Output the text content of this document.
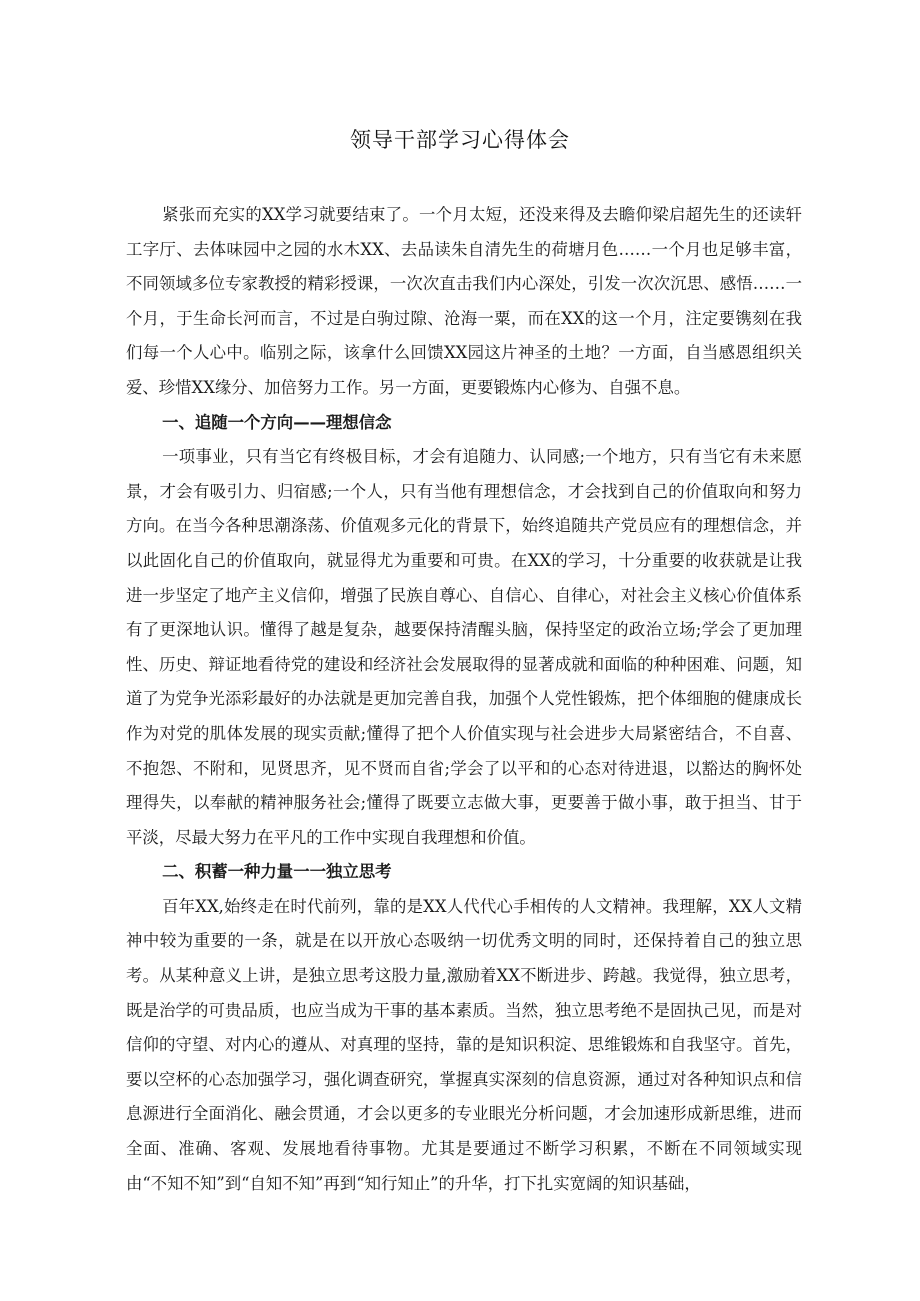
领导干部学习心得体会

紧张而充实的XX学习就要结束了。一个月太短，还没来得及去瞻仰梁启超先生的还读轩工字厅、去体味园中之园的水木XX、去品读朱自清先生的荷塘月色……一个月也足够丰富，不同领域多位专家教授的精彩授课，一次次直击我们内心深处，引发一次次沉思、感悟……一个月，于生命长河而言，不过是白驹过隙、沧海一粟，而在XX的这一个月，注定要镌刻在我们每一个人心中。临别之际，该拿什么回馈XX园这片神圣的土地？一方面，自当感恩组织关爱、珍惜XX缘分、加倍努力工作。另一方面，更要锻炼内心修为、自强不息。

一、追随一个方向——理想信念

一项事业，只有当它有终极目标，才会有追随力、认同感;一个地方，只有当它有未来愿景，才会有吸引力、归宿感;一个人，只有当他有理想信念，才会找到自己的价值取向和努力方向。在当今各种思潮涤荡、价值观多元化的背景下，始终追随共产党员应有的理想信念，并以此固化自己的价值取向，就显得尤为重要和可贵。在XX的学习，十分重要的收获就是让我进一步坚定了地产主义信仰，增强了民族自尊心、自信心、自律心，对社会主义核心价值体系有了更深地认识。懂得了越是复杂，越要保持清醒头脑，保持坚定的政治立场;学会了更加理性、历史、辩证地看待党的建设和经济社会发展取得的显著成就和面临的种种困难、问题，知道了为党争光添彩最好的办法就是更加完善自我，加强个人党性锻炼，把个体细胞的健康成长作为对党的肌体发展的现实贡献;懂得了把个人价值实现与社会进步大局紧密结合，不自喜、不抱怨、不附和，见贤思齐，见不贤而自省;学会了以平和的心态对待进退，以豁达的胸怀处理得失，以奉献的精神服务社会;懂得了既要立志做大事，更要善于做小事，敢于担当、甘于平淡，尽最大努力在平凡的工作中实现自我理想和价值。

二、积蓄一种力量一一独立思考

百年XX,始终走在时代前列，靠的是XX人代代心手相传的人文精神。我理解，XX人文精神中较为重要的一条，就是在以开放心态吸纳一切优秀文明的同时，还保持着自己的独立思考。从某种意义上讲，是独立思考这股力量,激励着XX不断进步、跨越。我觉得，独立思考，既是治学的可贵品质，也应当成为干事的基本素质。当然，独立思考绝不是固执己见，而是对信仰的守望、对内心的遵从、对真理的坚持，靠的是知识积淀、思维锻炼和自我坚守。首先，要以空杯的心态加强学习，强化调查研究，掌握真实深刻的信息资源，通过对各种知识点和信息源进行全面消化、融会贯通，才会以更多的专业眼光分析问题，才会加速形成新思维，进而全面、准确、客观、发展地看待事物。尤其是要通过不断学习积累，不断在不同领域实现由“不知不知”到“自知不知”再到“知行知止”的升华，打下扎实宽阔的知识基础，
